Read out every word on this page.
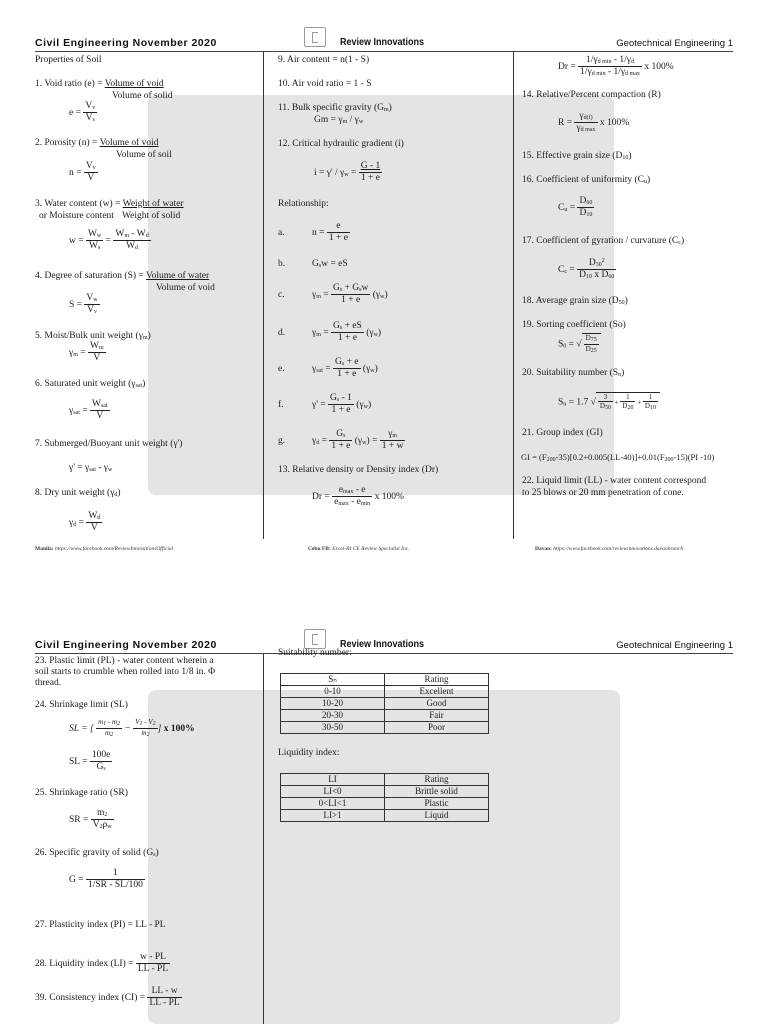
Civil Engineering November 2020	Review Innovations	Geotechnical Engineering 1
Properties of Soil
1. Void ratio (e) = Volume of void
Volume of solid
$e = \frac{V_v}{V_s}$
2. Porosity (n) = Volume of void
Volume of soil
$n = \frac{V_v}{V}$
3. Water content (w) = Weight of water
or Moisture content Weight of solid
$w = \frac{W_w}{W_s} = \frac{W_m - W_d}{W_d}$
4. Degree of saturation (S) = Volume of water
Volume of void
$S = \frac{V_w}{V_v}$
5. Moist/Bulk unit weight $(\gamma_m)$
$\gamma_m = \frac{W_m}{V}$
6. Saturated unit weight $(\gamma_{sat})$
$\gamma_{sat} = \frac{W_{sat}}{V}$
7. Submerged/Buoyant unit weight (γ')
$\gamma' = \gamma_{sat} - \gamma_w$
8. Dry unit weight $(\gamma_d)$
$\gamma_d = \frac{W_d}{V}$
9. Air content = n(1 - S)
10. Air void ratio = 1 - S
11. Bulk specific gravity $(G_m)$
$Gm = \gamma_m / \gamma_w$
12. Critical hydraulic gradient (i)
$i = \gamma' / \gamma_w = \frac{G - 1}{1 + e}$
Relationship:
a.	$n = \frac{e}{1 + e}$
b.	$G_sw$ = eS
c.	$\gamma_m = \frac{G_s + G_sw}{1 + e} (\gamma_w)$
d.	$\gamma_m = \frac{G_s + eS}{1 + e} (\gamma_w)$
e.	$\gamma_{sat} = \frac{G_s + e}{1 + e} (\gamma_w)$
f.	$\gamma' = \frac{G_s - 1}{1 + e} (\gamma_w)$
g.	$\gamma_d = \frac{G_s}{1 + e} (\gamma_w) = \frac{\gamma_m}{1 + w}$
13. Relative density or Density index (Dr)
$Dr = \frac{e_{max} - e}{e_{max} - e_{min}}$ x 100%
$Dr = \frac{1/\gamma_{d min} - 1/\gamma_d}{1/\gamma_{d min} - 1/\gamma_{d max}}$ x 100%
14. Relative/Percent compaction (R)
$R = \frac{\gamma_{d(f)}}{\gamma_{d max}}$ x 100%
15. Effective grain size $(D_{10})$
16. Coefficient of uniformity $(C_u)$
$C_u = \frac{D_{60}}{D_{10}}$
17. Coefficient of gyration / curvature $(C_c)$
$C_c = \frac{D_{30}^2}{D_{10} x D_{60}}$
18. Average grain size $(D_{50})$
19. Sorting coefficient (So)
$S_0$ = √ $\frac{D_{75}}{D_{25}}$
20. Suitability number $(S_n)$
$S_n = 1.7$ √ $\frac{3}{D_{50}} + \frac{1}{D_{20}} + \frac{1}{D_{10}}$
21. Group index (GI)
GI = $(F_{200}-35)[0.2+0.005(LL-40)]+0.01(F_{200}-15)(PI$ -10)
22. Liquid limit (LL) - water content correspond
to 25 blows or 20 mm penetration of cone.
Manila: https://www.facebook.com/ReviewInnovationsOfficial	Cebu FB: Excel-RI CE Review Specialist Inc.	Davao: https://www.facebook.com/reviewinnovations.davaobranch
Civil Engineering November 2020	Review Innovations	Geotechnical Engineering 1
23. Plastic limit (PL) - water content wherein a
soil starts to crumble when rolled into 1/8 in. Φ
thread.
24. Shrinkage limit (SL)
SL = [ $\frac{m_1 - m_2}{m_2} - \frac{V_1 - V_2}{m_2}$ ] x 100%
SL = $\frac{100e}{G_s}$
25. Shrinkage ratio (SR)
SR = $\frac{m_2}{V_2\rho_w}$
26. Specific gravity of solid $(G_s)$
$G = \frac{1}{1/SR - SL/100}$
27. Plasticity index (PI) = LL - PL
28. Liquidity index $(LI) = \frac{w - PL}{LL - PL}$
39. Consistency index $(CI) = \frac{LL - w}{LL - PL}$
Suitability number:
Sₙ	Rating
0-10	Excellent
10-20	Good
20-30	Fair
30-50	Poor
Liquidity index:
LI	Rating
LI<0	Brittle solid
0<LI<1	Plastic
LI>1	Liquid
